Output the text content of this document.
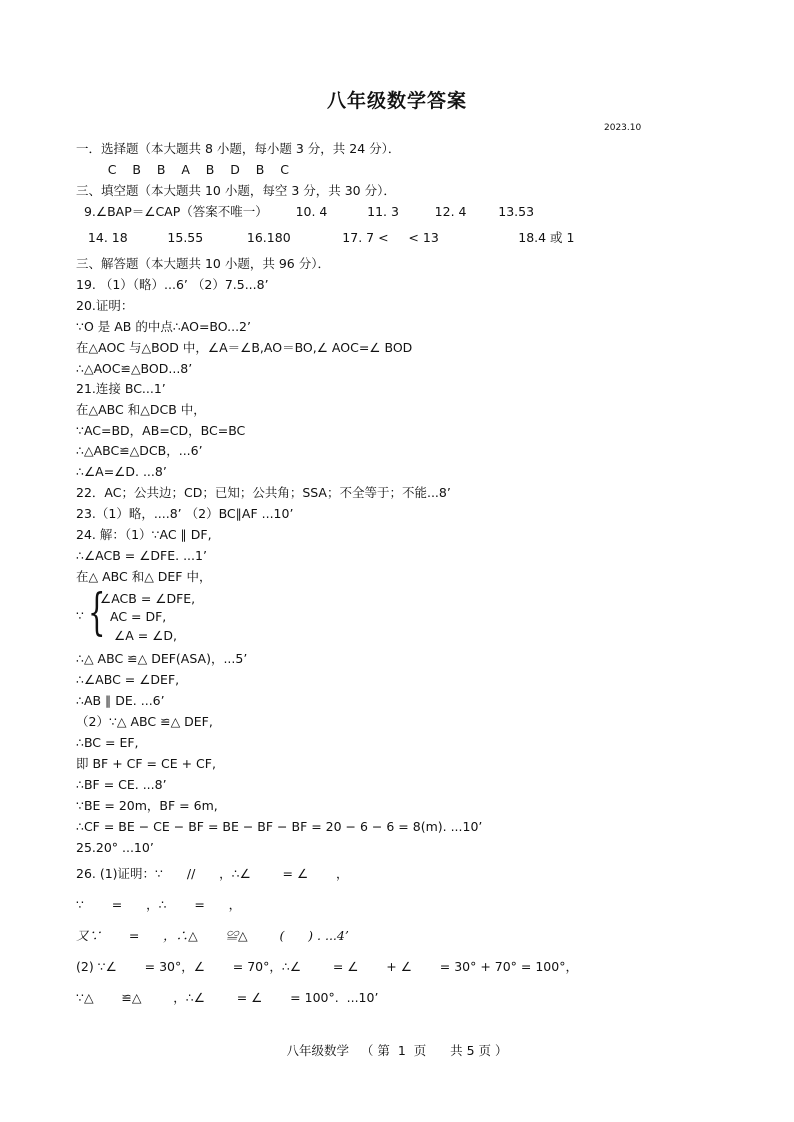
八年级数学答案
2023.10
一．选择题（本大题共 8 小题，每小题 3 分，共 24 分）．
C    B    B    A    B    D    B    C
三、填空题（本大题共 10 小题，每空 3 分，共 30 分）．
9.∠BAP＝∠CAP（答案不唯一）       10. 4          11. 3         12. 4        13.53
14. 18          15.55           16.180             17. 7 <     < 13                    18.4 或 1
三、解答题（本大题共 10 小题，共 96 分）．
19. （1）（略）...6’ （2）7.5...8’
20.证明：
∵O 是 AB 的中点∴AO=BO...2’
在△AOC 与△BOD 中，∠A＝∠B,AO＝BO,∠ AOC=∠ BOD
∴△AOC≌△BOD...8’
21.连接 BC...1’
在△ABC 和△DCB 中，
∵AC=BD，AB=CD，BC=BC
∴△ABC≌△DCB，...6’
∴∠A=∠D. ...8’
22．AC；公共边；CD；已知；公共角；SSA；不全等于；不能...8’
23.（1）略，....8’ （2）BC∥AF ...10’
24. 解：（1）∵AC ∥ DF,
∴∠ACB = ∠DFE. ...1’
在△ ABC 和△ DEF 中，
∵ {
∠ACB = ∠DFE,
AC = DF,
∠A = ∠D,
∴△ ABC ≌△ DEF(ASA)，...5’
∴∠ABC = ∠DEF,
∴AB ∥ DE. ...6’
（2）∵△ ABC ≌△ DEF,
∴BC = EF,
即 BF + CF = CE + CF,
∴BF = CE. ...8’
∵BE = 20m，BF = 6m,
∴CF = BE − CE − BF = BE − BF − BF = 20 − 6 − 6 = 8(m). ...10’
25.20° ...10’
26. (1)证明：∵      //      ，∴∠        = ∠       ，
∵       =      ，∴       =      ，
又∵       =      ，∴△       ≌△        (      ) . ...4’
(2) ∵∠       = 30°，∠       = 70°，∴∠        = ∠       + ∠       = 30° + 70° = 100°，
∵△       ≌△        ，∴∠        = ∠       = 100°.  ...10’
八年级数学   （ 第  1  页      共 5 页 ）
